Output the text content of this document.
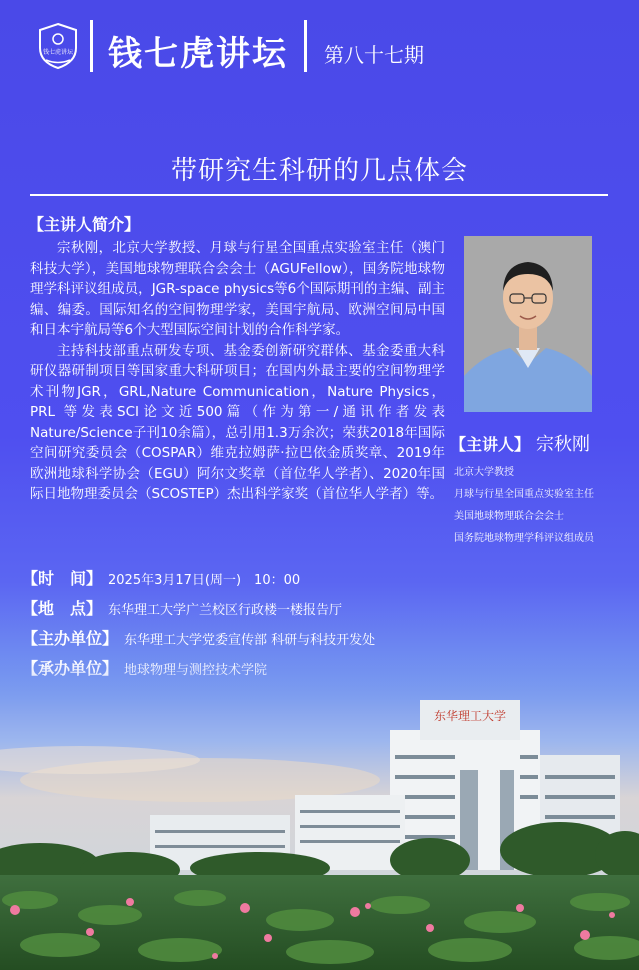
钱七虎讲坛 钱七虎讲坛 第八十七期
带研究生科研的几点体会
【主讲人简介】

宗秋刚，北京大学教授、月球与行星全国重点实验室主任（澳门科技大学），美国地球物理联合会会士（AGUFellow），国务院地球物理学科评议组成员，JGR-space physics等6个国际期刊的主编、副主编、编委。国际知名的空间物理学家，美国宇航局、欧洲空间局中国和日本宇航局等6个大型国际空间计划的合作科学家。

主持科技部重点研发专项、基金委创新研究群体、基金委重大科研仪器研制项目等国家重大科研项目；在国内外最主要的空间物理学术刊物JGR，GRL,Nature Communication，Nature Physics，PRL 等发表SCI论文近500篇（作为第一/通讯作者发表Nature/Science子刊10余篇），总引用1.3万余次；荣获2018年国际空间研究委员会（COSPAR）维克拉姆萨·拉巴依金质奖章、2019年欧洲地球科学协会（EGU）阿尔文奖章（首位华人学者）、2020年国际日地物理委员会（SCOSTEP）杰出科学家奖（首位华人学者）等。

【主讲人】 宗秋刚
北京大学教授
月球与行星全国重点实验室主任
美国地球物理联合会会士
国务院地球物理学科评议组成员
【时　间】 2025年3月17日(周一)　10：00
【地　点】 东华理工大学广兰校区行政楼一楼报告厅
【主办单位】 东华理工大学党委宣传部 科研与科技开发处
东华理工大学
